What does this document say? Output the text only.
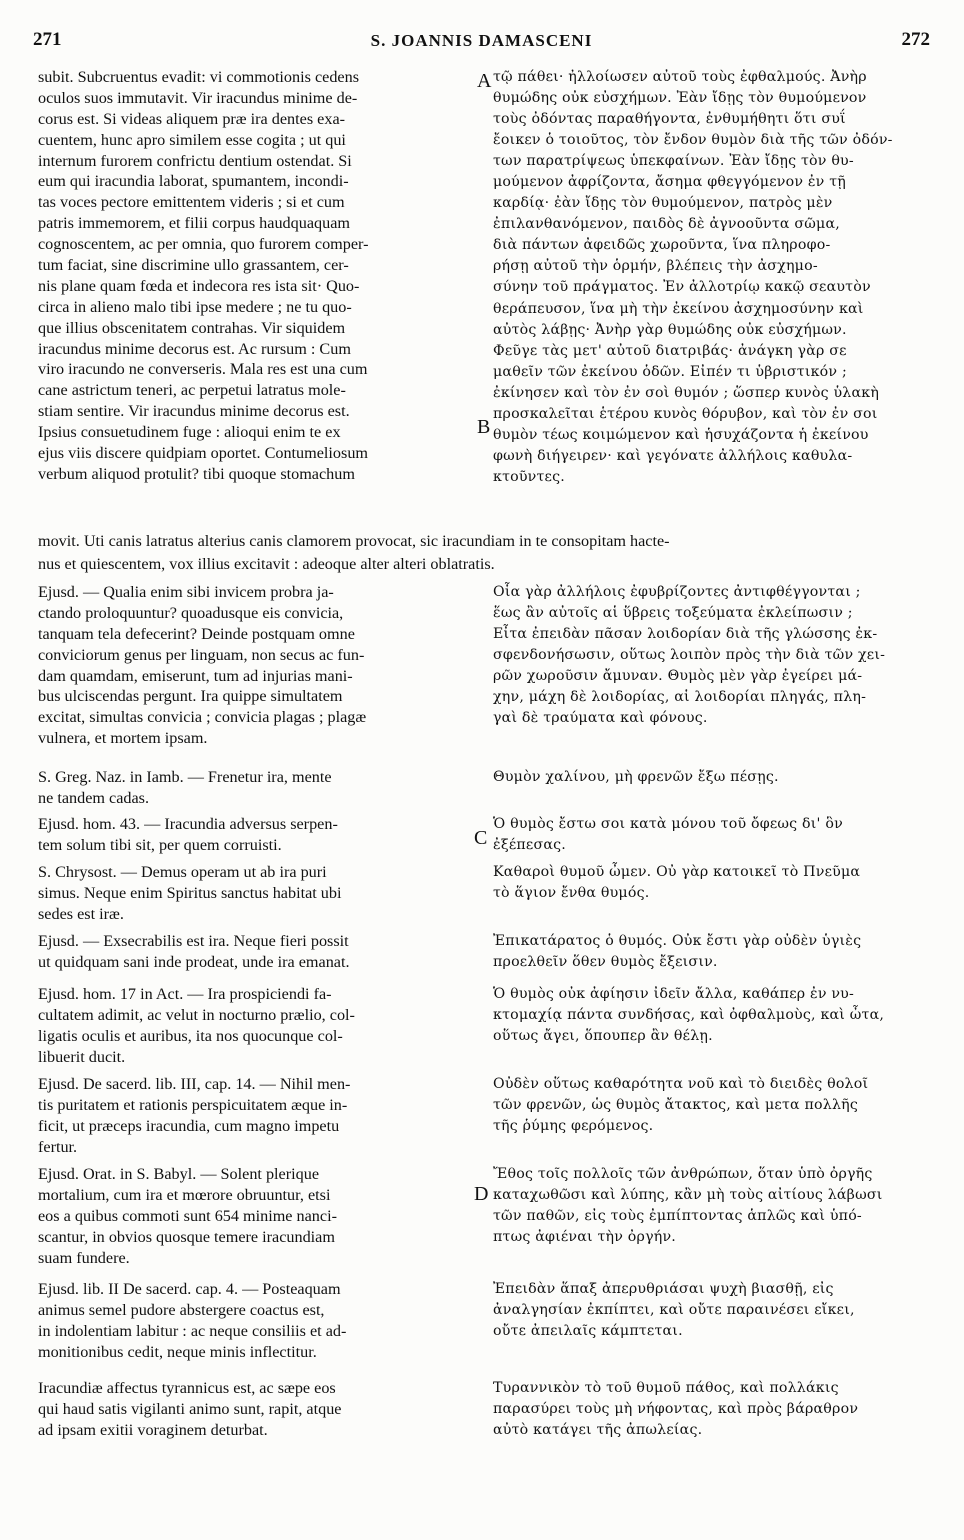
271	S. JOANNIS DAMASCENI	272
A
B
C
D
subit. Subcruentus evadit: vi commotionis cedens
oculos suos immutavit. Vir iracundus minime de-
corus est. Si videas aliquem præ ira dentes exa-
cuentem, hunc apro similem esse cogita ; ut qui
internum furorem confrictu dentium ostendat. Si
eum qui iracundia laborat, spumantem, incondi-
tas voces pectore emittentem videris ; si et cum
patris immemorem, et filii corpus haudquaquam
cognoscentem, ac per omnia, quo furorem comper-
tum faciat, sine discrimine ullo grassantem, cer-
nis plane quam fœda et indecora res ista sit· Quo-
circa in alieno malo tibi ipse medere ; ne tu quo-
que illius obscenitatem contrahas. Vir siquidem
iracundus minime decorus est. Ac rursum : Cum
viro iracundo ne converseris. Mala res est una cum
cane astrictum teneri, ac perpetui latratus mole-
stiam sentire. Vir iracundus minime decorus est.
Ipsius consuetudinem fuge : alioqui enim te ex
ejus viis discere quidpiam oportet. Contumeliosum
verbum aliquod protulit? tibi quoque stomachum
τῷ πάθει· ἠλλοίωσεν αὐτοῦ τοὺς ἐφθαλμούς. Ἀνὴρ
θυμώδης οὐκ εὐσχήμων. Ἐὰν ἴδῃς τὸν θυμούμενον
τοὺς ὀδόντας παραθήγοντα, ἐνθυμήθητι ὅτι συΐ
ἔοικεν ὁ τοιοῦτος, τὸν ἔνδον θυμὸν διὰ τῆς τῶν ὀδόν-
των παρατρίψεως ὑπεκφαίνων. Ἐὰν ἴδῃς τὸν θυ-
μούμενον ἀφρίζοντα, ἄσημα φθεγγόμενον ἐν τῇ
καρδίᾳ· ἐὰν ἴδῃς τὸν θυμούμενον, πατρὸς μὲν
ἐπιλανθανόμενον, παιδὸς δὲ ἀγνοοῦντα σῶμα,
διὰ πάντων ἀφειδῶς χωροῦντα, ἵνα πληροφο-
ρήσῃ αὐτοῦ τὴν ὁρμήν, βλέπεις τὴν ἀσχημο-
σύνην τοῦ πράγματος. Ἐν ἀλλοτρίῳ κακῷ σεαυτὸν
θεράπευσον, ἵνα μὴ τὴν ἐκείνου ἀσχημοσύνην καὶ
αὐτὸς λάβῃς· Ἀνὴρ γὰρ θυμώδης οὐκ εὐσχήμων.
Φεῦγε τὰς μετ' αὐτοῦ διατριβάς· ἀνάγκη γὰρ σε
μαθεῖν τῶν ἐκείνου ὁδῶν. Εἰπέν τι ὑβριστικόν ;
ἐκίνησεν καὶ τὸν ἐν σοὶ θυμόν ; ὥσπερ κυνὸς ὑλακὴ
προσκαλεῖται ἑτέρου κυνὸς θόρυβον, καὶ τὸν ἐν σοι
θυμὸν τέως κοιμώμενον καὶ ἡσυχάζοντα ἡ ἐκείνου
φωνὴ διήγειρεν· καὶ γεγόνατε ἀλλήλοις καθυλα-
κτοῦντες.
movit. Uti canis latratus alterius canis clamorem provocat, sic iracundiam in te consopitam hacte-
nus et quiescentem, vox illius excitavit : adeoque alter alteri oblatratis.
Ejusd. — Qualia enim sibi invicem probra ja-
ctando proloquuntur? quoadusque eis convicia,
tanquam tela defecerint? Deinde postquam omne
conviciorum genus per linguam, non secus ac fun-
dam quamdam, emiserunt, tum ad injurias mani-
bus ulciscendas pergunt. Ira quippe simultatem
excitat, simultas convicia ; convicia plagas ; plagæ
vulnera, et mortem ipsam.
Οἷα γὰρ ἀλλήλοις ἐφυβρίζοντες ἀντιφθέγγονται ;
ἕως ἂν αὐτοῖς αἱ ὕβρεις τοξεύματα ἐκλείπωσιν ;
Εἶτα ἐπειδὰν πᾶσαν λοιδορίαν διὰ τῆς γλώσσης ἐκ-
σφενδονήσωσιν, οὕτως λοιπὸν πρὸς τὴν διὰ τῶν χει-
ρῶν χωροῦσιν ἄμυναν. Θυμὸς μὲν γὰρ ἐγείρει μά-
χην, μάχη δὲ λοιδορίας, αἱ λοιδορίαι πληγάς, πλη-
γαὶ δὲ τραύματα καὶ φόνους.
S. Greg. Naz. in Iamb. — Frenetur ira, mente
ne tandem cadas.
Θυμὸν χαλίνου, μὴ φρενῶν ἔξω πέσῃς.
Ejusd. hom. 43. — Iracundia adversus serpen-
tem solum tibi sit, per quem corruisti.
Ὁ θυμὸς ἔστω σοι κατὰ μόνου τοῦ ὄφεως δι' ὃν
ἐξέπεσας.
S. Chrysost. — Demus operam ut ab ira puri
simus. Neque enim Spiritus sanctus habitat ubi
sedes est iræ.
Καθαροὶ θυμοῦ ὦμεν. Οὐ γὰρ κατοικεῖ τὸ Πνεῦμα
τὸ ἅγιον ἔνθα θυμός.
Ejusd. — Exsecrabilis est ira. Neque fieri possit
ut quidquam sani inde prodeat, unde ira emanat.
Ἐπικατάρατος ὁ θυμός. Οὐκ ἔστι γὰρ οὐδὲν ὑγιὲς
προελθεῖν ὅθεν θυμὸς ἔξεισιν.
Ejusd. hom. 17 in Act. — Ira prospiciendi fa-
cultatem adimit, ac velut in nocturno prælio, col-
ligatis oculis et auribus, ita nos quocunque col-
libuerit ducit.
Ὁ θυμὸς οὐκ ἀφίησιν ἰδεῖν ἄλλα, καθάπερ ἐν νυ-
κτομαχίᾳ πάντα συνδήσας, καὶ ὀφθαλμοὺς, καὶ ὦτα,
οὕτως ἄγει, ὅπουπερ ἂν θέλῃ.
Ejusd. De sacerd. lib. III, cap. 14. — Nihil men-
tis puritatem et rationis perspicuitatem æque in-
ficit, ut præceps iracundia, cum magno impetu
fertur.
Οὐδὲν οὕτως καθαρότητα νοῦ καὶ τὸ διειδὲς θολοῖ
τῶν φρενῶν, ὡς θυμὸς ἄτακτος, καὶ μετα πολλῆς
τῆς ῥύμης φερόμενος.
Ejusd. Orat. in S. Babyl. — Solent plerique
mortalium, cum ira et mœrore obruuntur, etsi
eos a quibus commoti sunt 654 minime nanci-
scantur, in obvios quosque temere iracundiam
suam fundere.
Ἔθος τοῖς πολλοῖς τῶν ἀνθρώπων, ὅταν ὑπὸ ὀργῆς
καταχωθῶσι καὶ λύπης, κἂν μὴ τοὺς αἰτίους λάβωσι
τῶν παθῶν, εἰς τοὺς ἐμπίπτοντας ἁπλῶς καὶ ὑπό-
πτως ἀφιέναι τὴν ὀργήν.
Ejusd. lib. II De sacerd. cap. 4. — Posteaquam
animus semel pudore abstergere coactus est,
in indolentiam labitur : ac neque consiliis et ad-
monitionibus cedit, neque minis inflectitur.
Ἐπειδὰν ἅπαξ ἀπερυθριάσαι ψυχὴ βιασθῇ, εἰς
ἀναλγησίαν ἐκπίπτει, καὶ οὔτε παραινέσει εἴκει,
οὔτε ἀπειλαῖς κάμπτεται.
Iracundiæ affectus tyrannicus est, ac sæpe eos
qui haud satis vigilanti animo sunt, rapit, atque
ad ipsam exitii voraginem deturbat.
Τυραννικὸν τὸ τοῦ θυμοῦ πάθος, καὶ πολλάκις
παρασύρει τοὺς μὴ νήφοντας, καὶ πρὸς βάραθρον
αὐτὸ κατάγει τῆς ἀπωλείας.
